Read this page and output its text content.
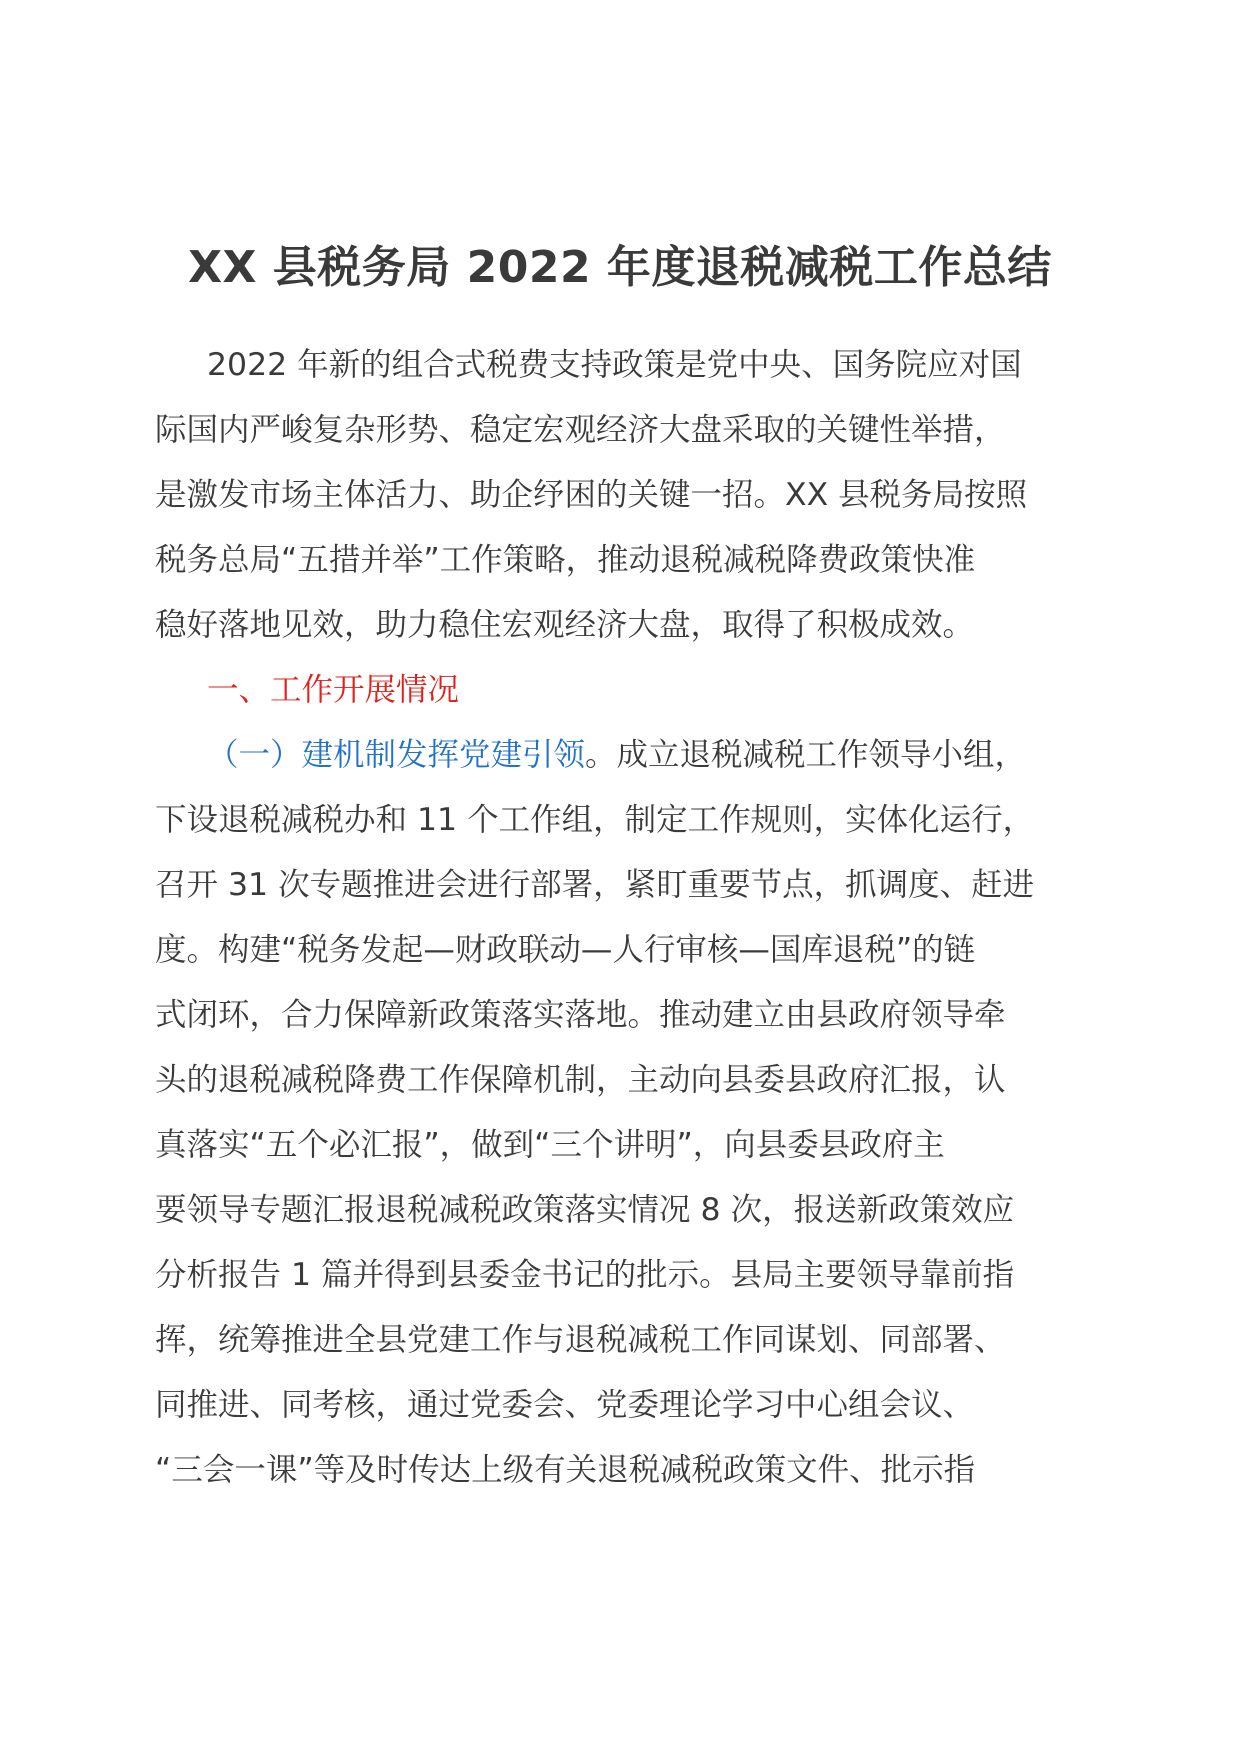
XX 县税务局 2022 年度退税减税工作总结
2022 年新的组合式税费支持政策是党中央、国务院应对国
际国内严峻复杂形势、稳定宏观经济大盘采取的关键性举措，
是激发市场主体活力、助企纾困的关键一招。XX 县税务局按照
税务总局“五措并举”工作策略，推动退税减税降费政策快准
稳好落地见效，助力稳住宏观经济大盘，取得了积极成效。
一、工作开展情况
（一）建机制发挥党建引领。成立退税减税工作领导小组，
下设退税减税办和 11 个工作组，制定工作规则，实体化运行，
召开 31 次专题推进会进行部署，紧盯重要节点，抓调度、赶进
度。构建“税务发起—财政联动—人行审核—国库退税”的链
式闭环，合力保障新政策落实落地。推动建立由县政府领导牵
头的退税减税降费工作保障机制，主动向县委县政府汇报，认
真落实“五个必汇报”，做到“三个讲明”，向县委县政府主
要领导专题汇报退税减税政策落实情况 8 次，报送新政策效应
分析报告 1 篇并得到县委金书记的批示。县局主要领导靠前指
挥，统筹推进全县党建工作与退税减税工作同谋划、同部署、
同推进、同考核，通过党委会、党委理论学习中心组会议、
“三会一课”等及时传达上级有关退税减税政策文件、批示指
